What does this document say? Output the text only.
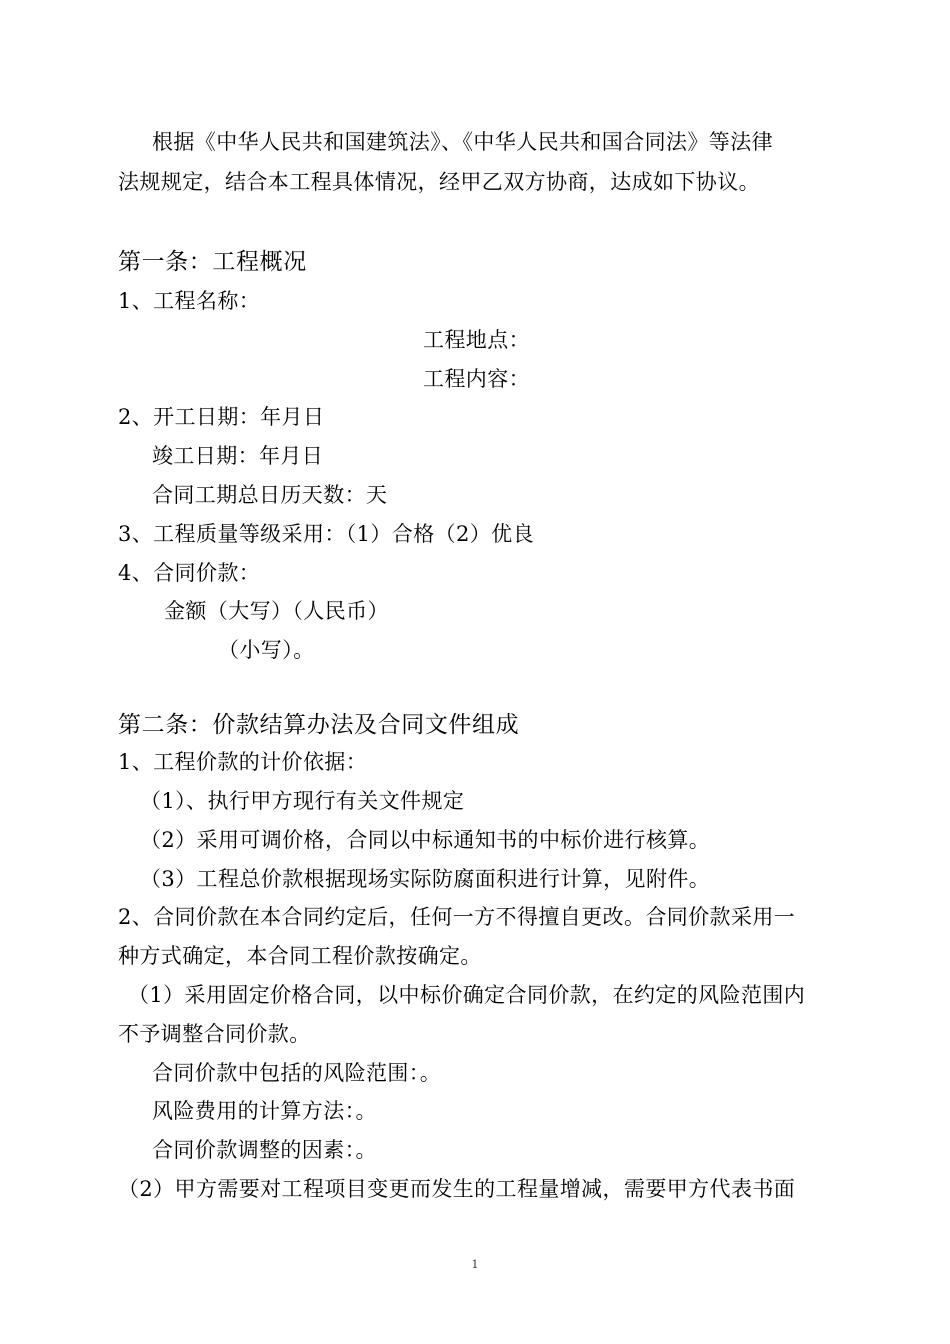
根据《中华人民共和国建筑法》、《中华人民共和国合同法》等法律
法规规定，结合本工程具体情况，经甲乙双方协商，达成如下协议。
第一条：工程概况
1、工程名称：
工程地点：
工程内容：
2、开工日期：年月日
竣工日期：年月日
合同工期总日历天数：天
3、工程质量等级采用：（1）合格（2）优良
4、合同价款：
金额（大写）（人民币）
（小写）。
第二条：价款结算办法及合同文件组成
1、工程价款的计价依据：
（1）、执行甲方现行有关文件规定
（2）采用可调价格，合同以中标通知书的中标价进行核算。
（3）工程总价款根据现场实际防腐面积进行计算，见附件。
2、合同价款在本合同约定后，任何一方不得擅自更改。合同价款采用一
种方式确定，本合同工程价款按确定。
（1）采用固定价格合同，以中标价确定合同价款，在约定的风险范围内
不予调整合同价款。
合同价款中包括的风险范围：。
风险费用的计算方法：。
合同价款调整的因素：。
（2）甲方需要对工程项目变更而发生的工程量增减，需要甲方代表书面
1
